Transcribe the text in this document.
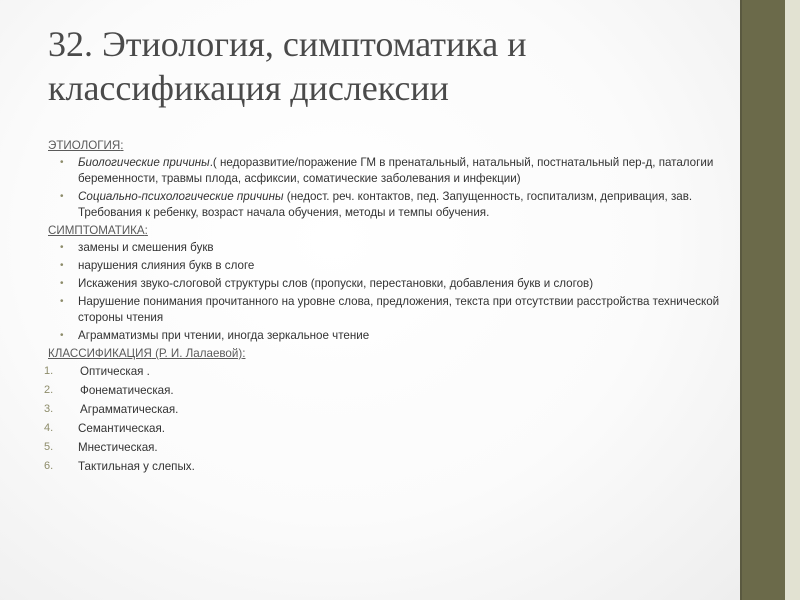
32. Этиология, симптоматика и классификация дислексии
ЭТИОЛОГИЯ:
• Биологические причины.( недоразвитие/поражение ГМ в пренатальный, натальный, постнатальный пер-д, паталогии беременности, травмы плода, асфиксии, соматические заболевания и инфекции)
• Социально-психологические причины (недост. реч. контактов, пед. Запущенность, госпитализм, депривация, зав. Требования к ребенку, возраст начала обучения, методы и темпы обучения.
СИМПТОМАТИКА:
• замены и смешения букв
• нарушения слияния букв в слоге
• Искажения звуко-слоговой структуры слов (пропуски, перестановки, добавления букв и слогов)
• Нарушение понимания прочитанного на уровне слова, предложения, текста при отсутствии расстройства технической стороны чтения
• Аграмматизмы при чтении, иногда зеркальное чтение
КЛАССИФИКАЦИЯ (Р. И. Лалаевой):
1. Оптическая .
2. Фонематическая.
3. Аграмматическая.
4. Семантическая.
5. Мнестическая.
6. Тактильная у слепых.
